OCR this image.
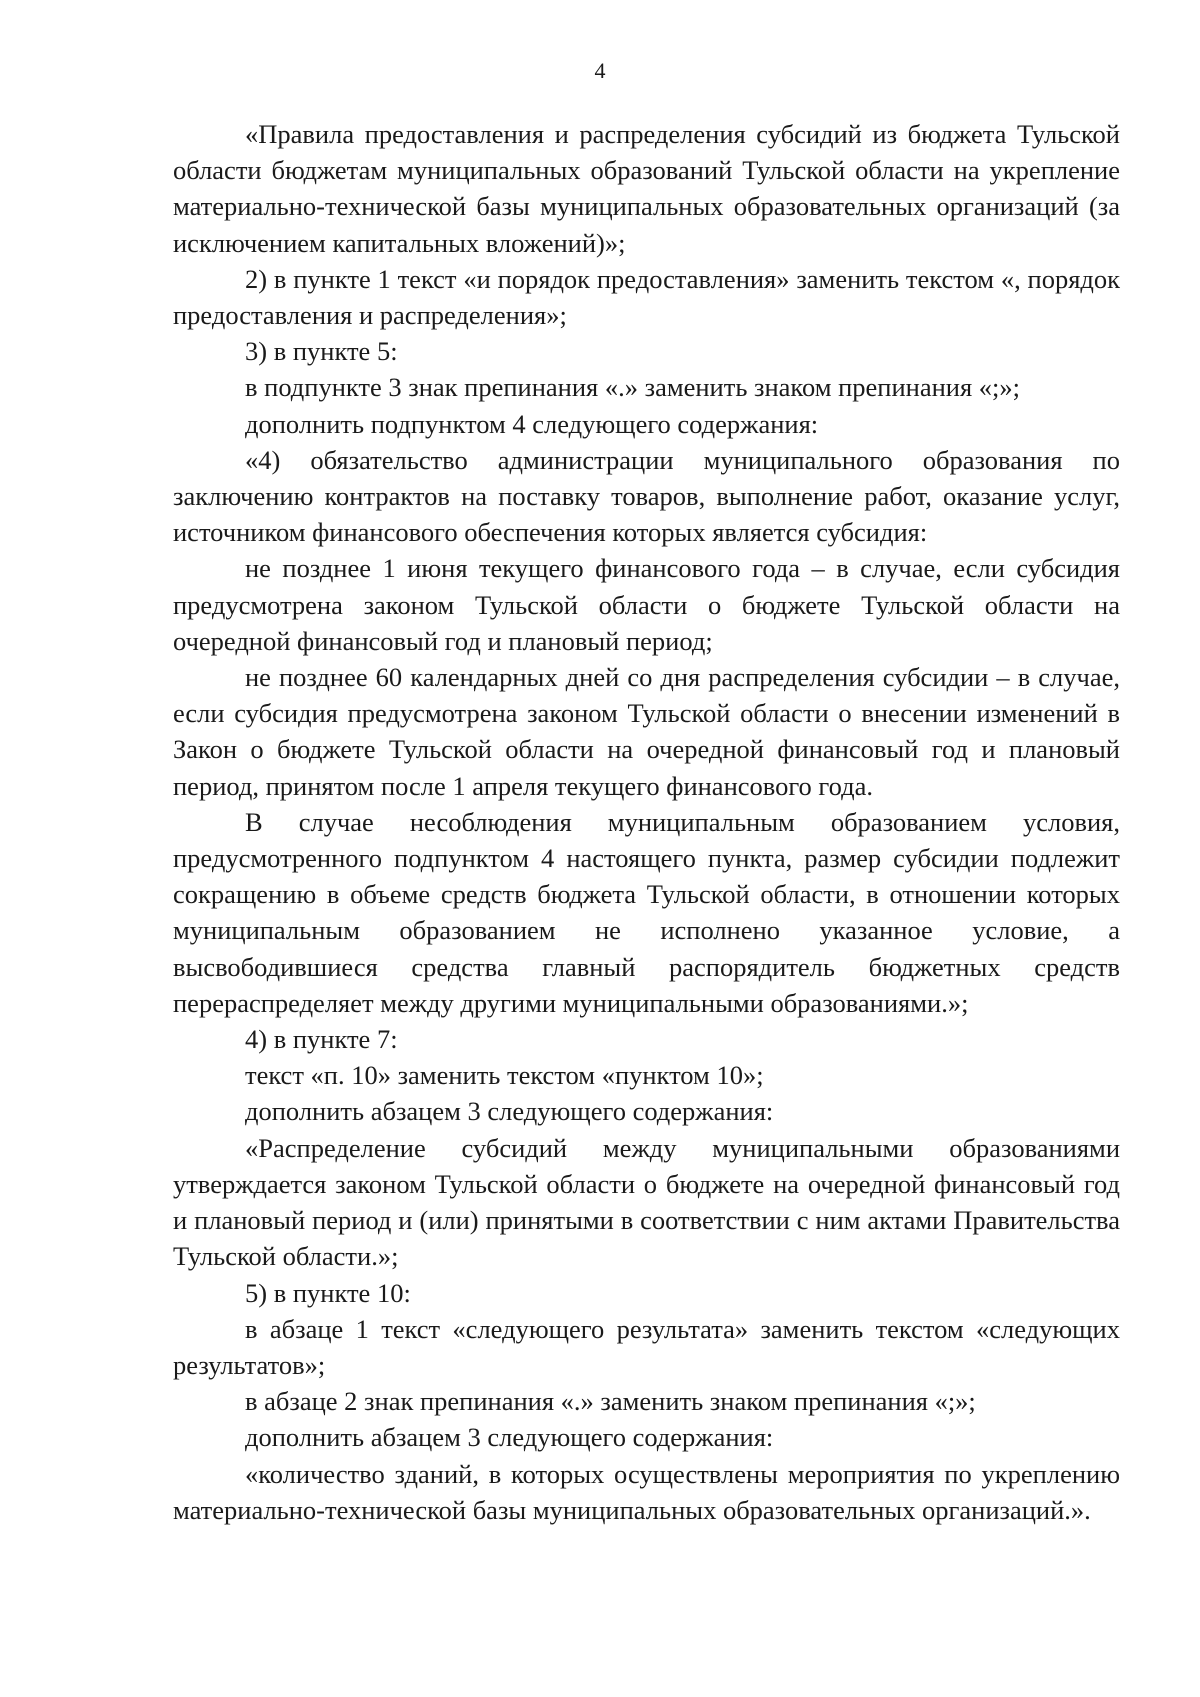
4

«Правила предоставления и распределения субсидий из бюджета Тульской области бюджетам муниципальных образований Тульской области на укрепление материально-технической базы муниципальных образовательных организаций (за исключением капитальных вложений)»;

2) в пункте 1 текст «и порядок предоставления» заменить текстом «, порядок предоставления и распределения»;

3) в пункте 5:

в подпункте 3 знак препинания «.» заменить знаком препинания «;»;

дополнить подпунктом 4 следующего содержания:

«4) обязательство администрации муниципального образования по заключению контрактов на поставку товаров, выполнение работ, оказание услуг, источником финансового обеспечения которых является субсидия:

не позднее 1 июня текущего финансового года – в случае, если субсидия предусмотрена законом Тульской области о бюджете Тульской области на очередной финансовый год и плановый период;

не позднее 60 календарных дней со дня распределения субсидии – в случае, если субсидия предусмотрена законом Тульской области о внесении изменений в Закон о бюджете Тульской области на очередной финансовый год и плановый период, принятом после 1 апреля текущего финансового года.

В случае несоблюдения муниципальным образованием условия, предусмотренного подпунктом 4 настоящего пункта, размер субсидии подлежит сокращению в объеме средств бюджета Тульской области, в отношении которых муниципальным образованием не исполнено указанное условие, а высвободившиеся средства главный распорядитель бюджетных средств перераспределяет между другими муниципальными образованиями.»;

4) в пункте 7:

текст «п. 10» заменить текстом «пунктом 10»;

дополнить абзацем 3 следующего содержания:

«Распределение субсидий между муниципальными образованиями утверждается законом Тульской области о бюджете на очередной финансовый год и плановый период и (или) принятыми в соответствии с ним актами Правительства Тульской области.»;

5) в пункте 10:

в абзаце 1 текст «следующего результата» заменить текстом «следующих результатов»;

в абзаце 2 знак препинания «.» заменить знаком препинания «;»;

дополнить абзацем 3 следующего содержания:

«количество зданий, в которых осуществлены мероприятия по укреплению материально-технической базы муниципальных образовательных организаций.».
